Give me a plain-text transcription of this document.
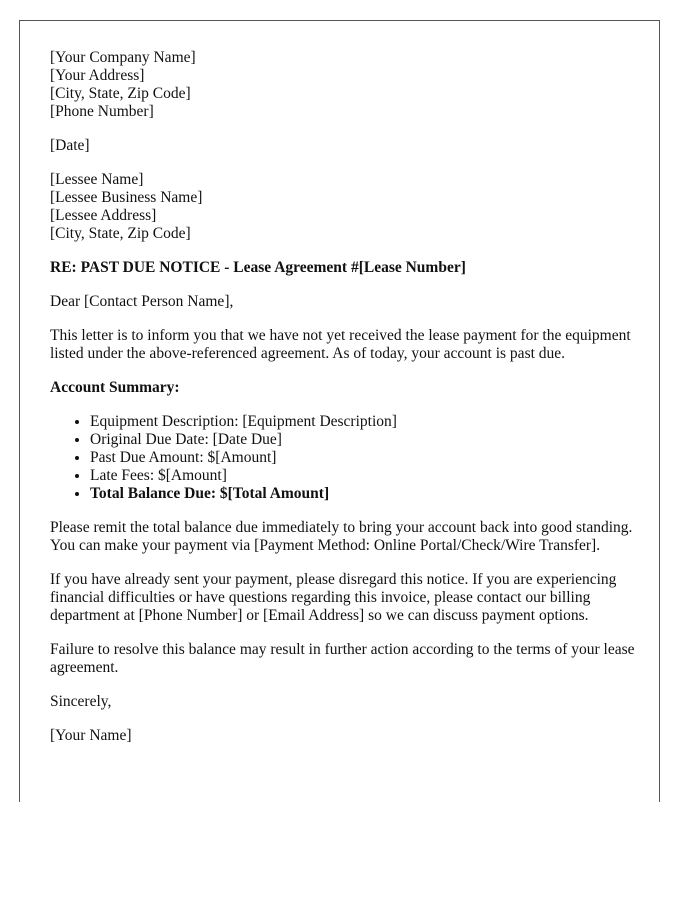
[Your Company Name]
[Your Address]
[City, State, Zip Code]
[Phone Number]
[Date]
[Lessee Name]
[Lessee Business Name]
[Lessee Address]
[City, State, Zip Code]

RE: PAST DUE NOTICE - Lease Agreement #[Lease Number]

Dear [Contact Person Name],

This letter is to inform you that we have not yet received the lease payment for the equipment listed under the above-referenced agreement. As of today, your account is past due.

Account Summary:

• Equipment Description: [Equipment Description]
• Original Due Date: [Date Due]
• Past Due Amount: $[Amount]
• Late Fees: $[Amount]
• Total Balance Due: $[Total Amount]

Please remit the total balance due immediately to bring your account back into good standing. You can make your payment via [Payment Method: Online Portal/Check/Wire Transfer].

If you have already sent your payment, please disregard this notice. If you are experiencing financial difficulties or have questions regarding this invoice, please contact our billing department at [Phone Number] or [Email Address] so we can discuss payment options.

Failure to resolve this balance may result in further action according to the terms of your lease agreement.

Sincerely,

[Your Name]
